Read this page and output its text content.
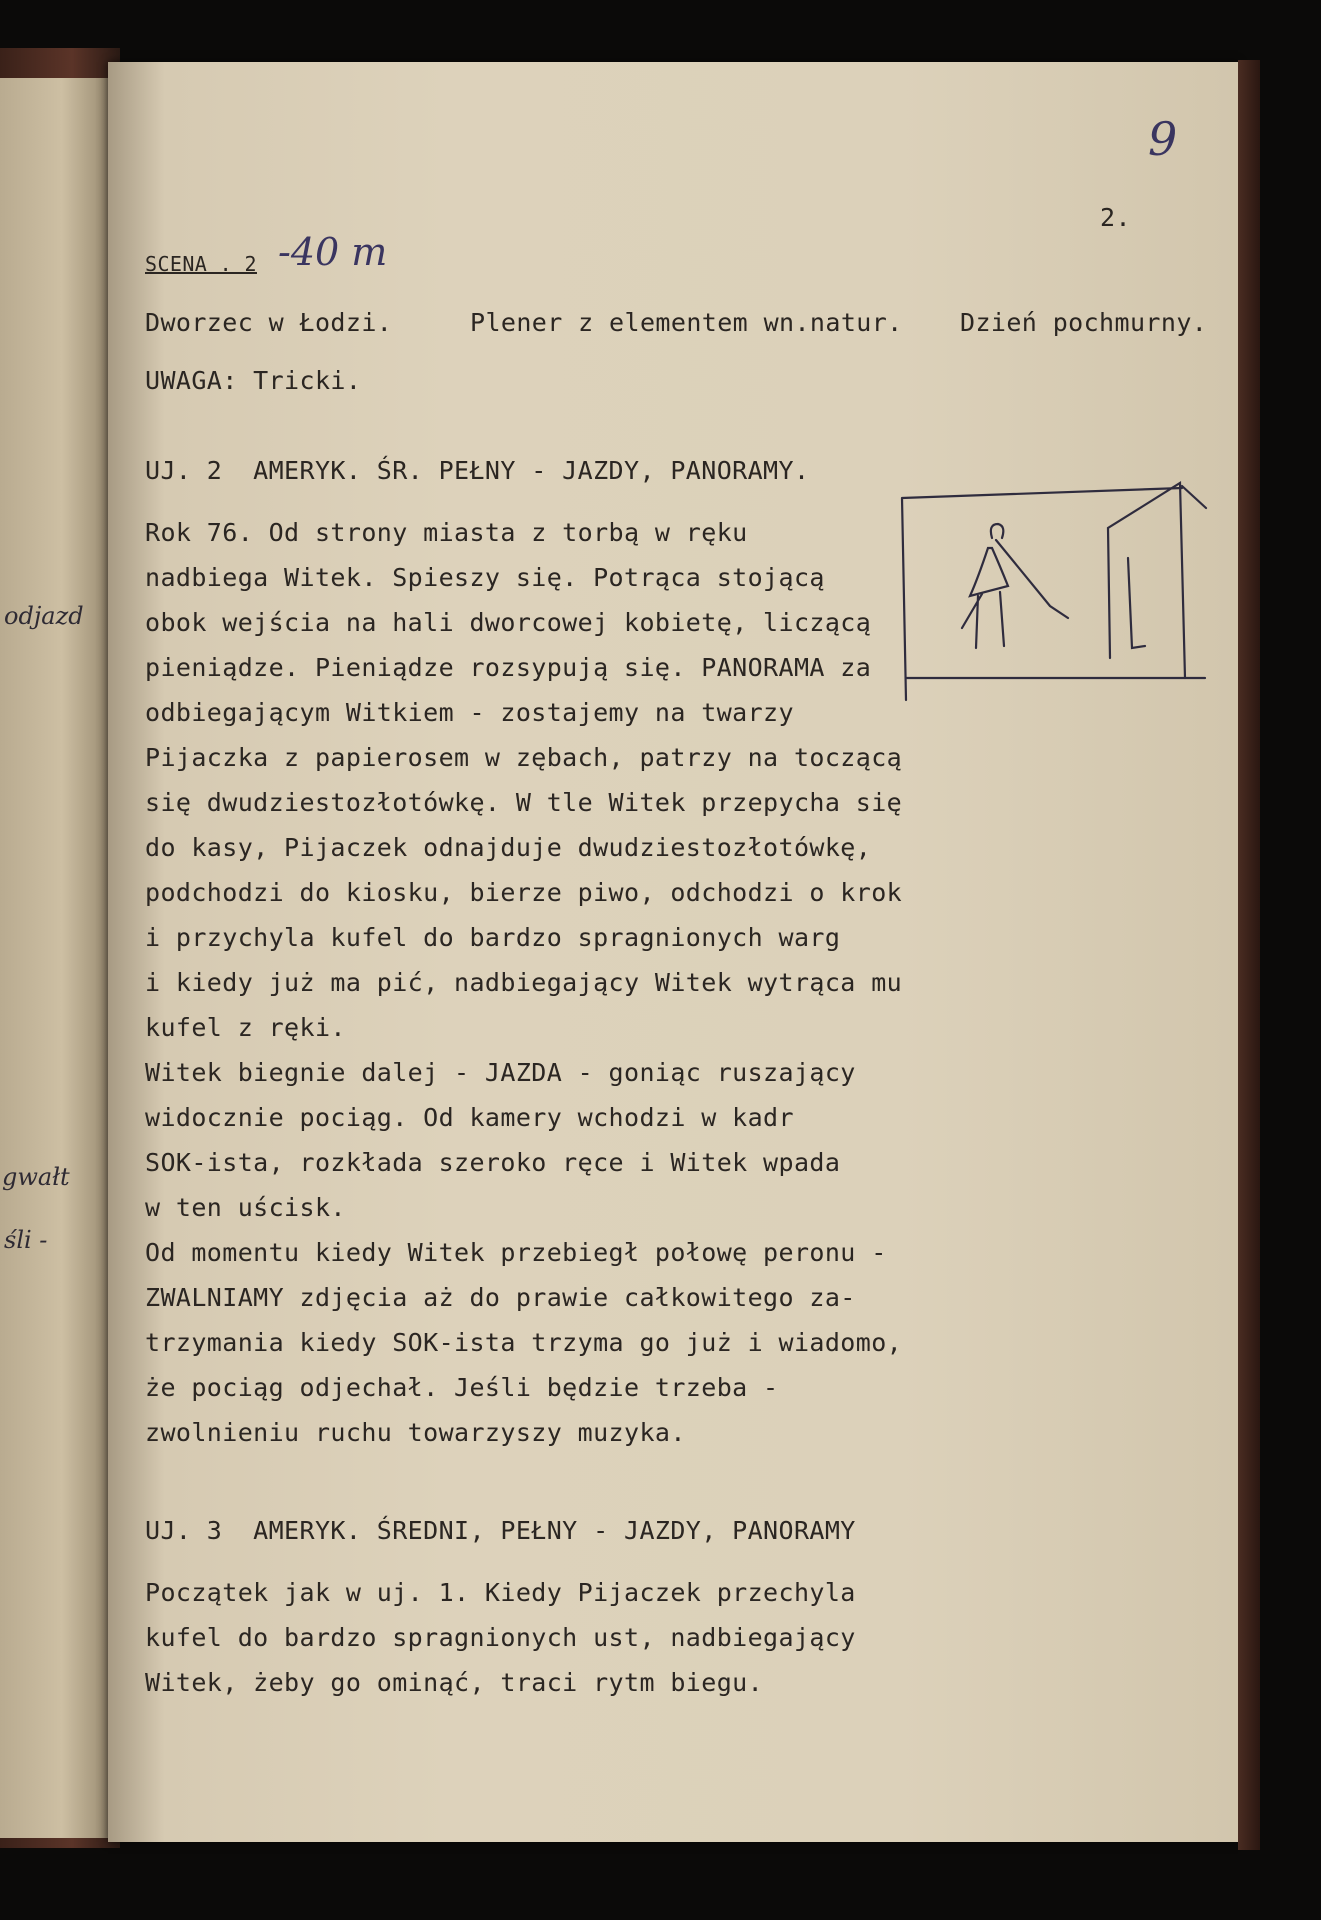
odjazd
gwałt
śli -
9
2.
SCENA . 2 -40 m
Dworzec w Łodzi.	Plener z elementem wn.natur. Dzień pochmurny.
UWAGA: Tricki.
UJ. 2  AMERYK. ŚR. PEŁNY - JAZDY, PANORAMY.

Rok 76. Od strony miasta z torbą w ręku

nadbiega Witek. Spieszy się. Potrąca stojącą

obok wejścia na hali dworcowej kobietę, liczącą

pieniądze. Pieniądze rozsypują się. PANORAMA za

odbiegającym Witkiem - zostajemy na twarzy

Pijaczka z papierosem w zębach, patrzy na toczącą

się dwudziestozłotówkę. W tle Witek przepycha się

do kasy, Pijaczek odnajduje dwudziestozłotówkę,

podchodzi do kiosku, bierze piwo, odchodzi o krok

i przychyla kufel do bardzo spragnionych warg

i kiedy już ma pić, nadbiegający Witek wytrąca mu

kufel z ręki.

Witek biegnie dalej - JAZDA - goniąc ruszający

widocznie pociąg. Od kamery wchodzi w kadr

SOK-ista, rozkłada szeroko ręce i Witek wpada

w ten uścisk.

Od momentu kiedy Witek przebiegł połowę peronu -

ZWALNIAMY zdjęcia aż do prawie całkowitego za-

trzymania kiedy SOK-ista trzyma go już i wiadomo,

że pociąg odjechał. Jeśli będzie trzeba -

zwolnieniu ruchu towarzyszy muzyka.

UJ. 3  AMERYK. ŚREDNI, PEŁNY - JAZDY, PANORAMY

Początek jak w uj. 1. Kiedy Pijaczek przechyla

kufel do bardzo spragnionych ust, nadbiegający

Witek, żeby go ominąć, traci rytm biegu.
